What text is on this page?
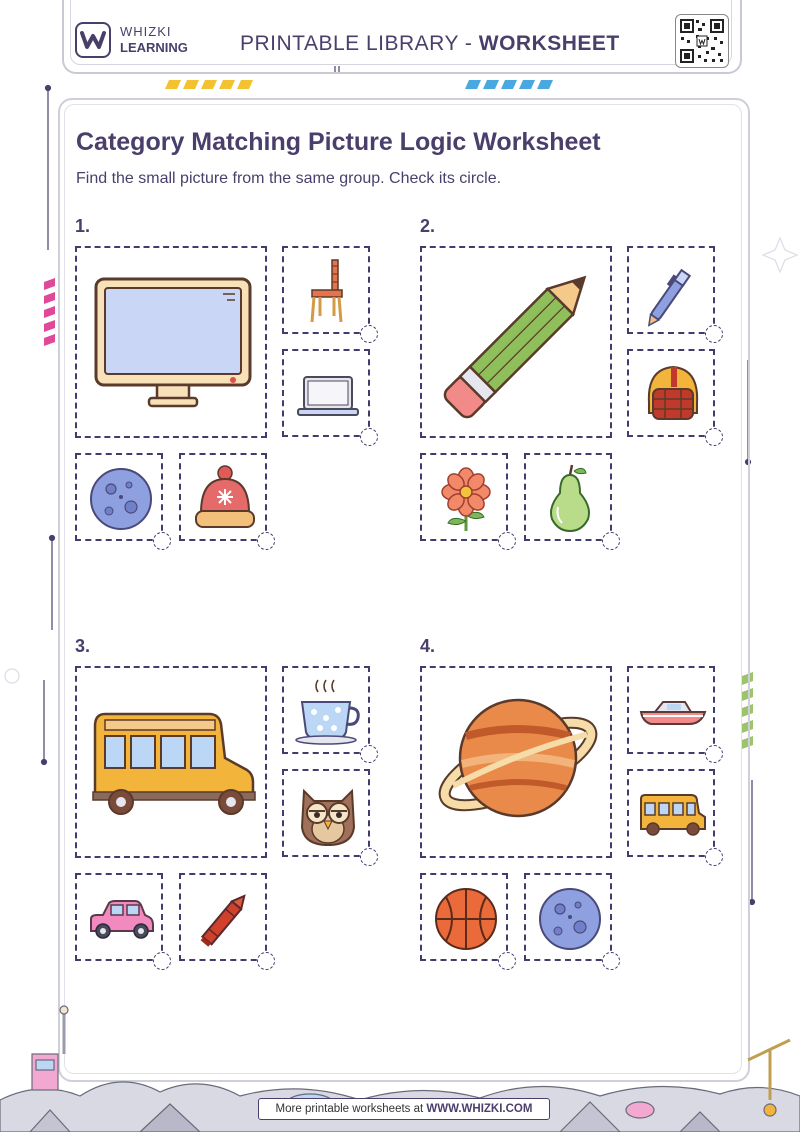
WHIZKI
LEARNING PRINTABLE LIBRARY - WORKSHEET
Category Matching Picture Logic Worksheet
Find the small picture from the same group. Check its circle.
1.	2.
3.	4.
More printable worksheets at WWW.WHIZKI.COM
